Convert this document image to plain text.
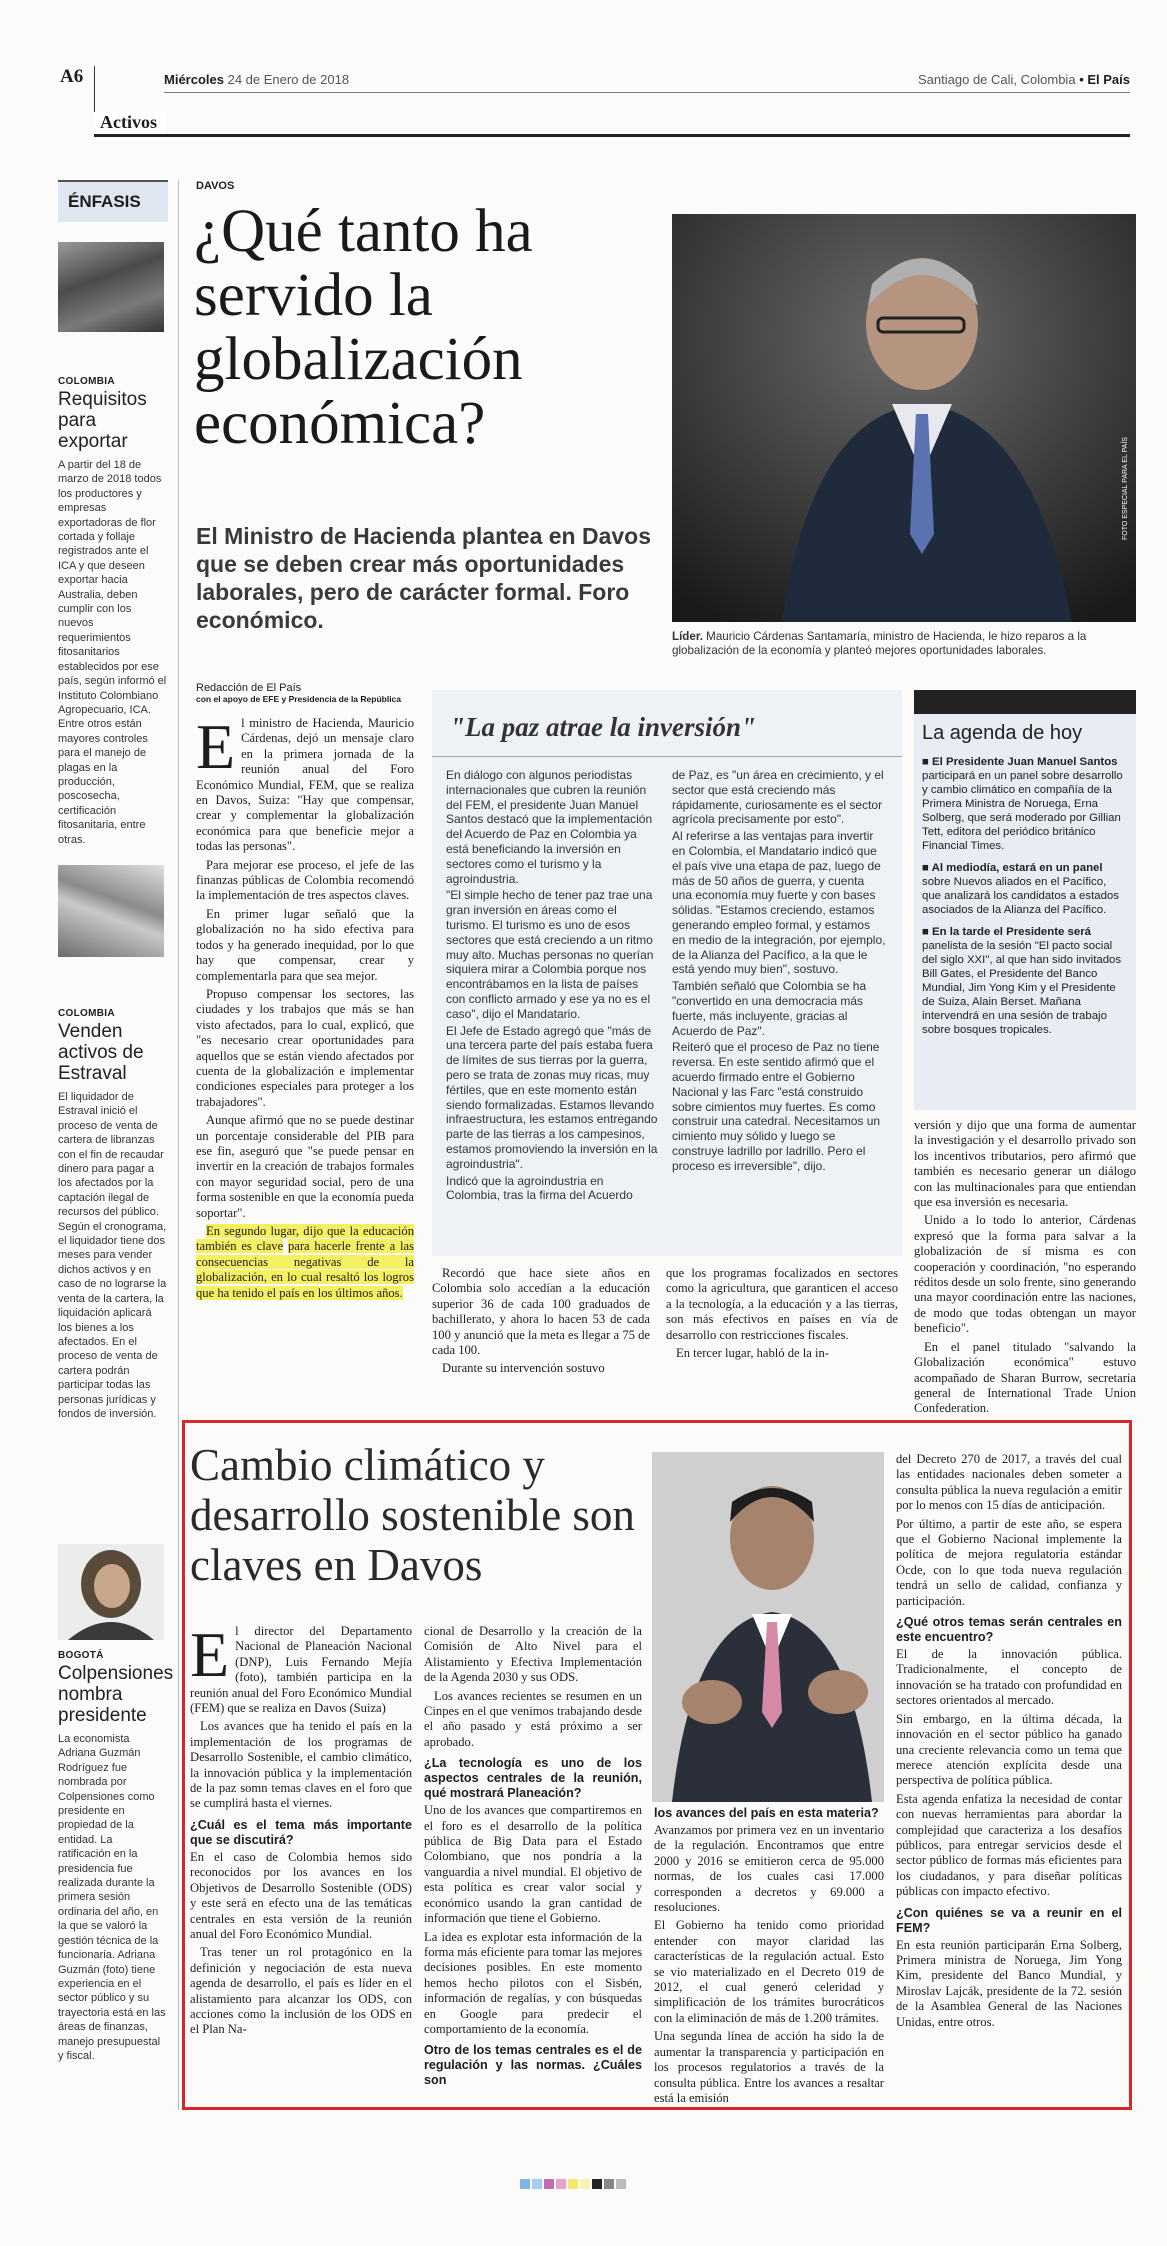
A6
Activos
Miércoles 24 de Enero de 2018	Santiago de Cali, Colombia • El País
ÉNFASIS
COLOMBIA
Requisitos para exportar

A partir del 18 de marzo de 2018 todos los productores y empresas exportadoras de flor cortada y follaje registrados ante el ICA y que deseen exportar hacia Australia, deben cumplir con los nuevos requerimientos fitosanitarios establecidos por ese país, según informó el Instituto Colombiano Agropecuario, ICA. Entre otros están mayores controles para el manejo de plagas en la producción, poscosecha, certificación fitosanitaria, entre otras.

COLOMBIA
Venden activos de Estraval

El liquidador de Estraval inició el proceso de venta de cartera de libranzas con el fin de recaudar dinero para pagar a los afectados por la captación ilegal de recursos del público. Según el cronograma, el liquidador tiene dos meses para vender dichos activos y en caso de no lograrse la venta de la cartera, la liquidación aplicará los bienes a los afectados. En el proceso de venta de cartera podrán participar todas las personas jurídicas y fondos de inversión.

BOGOTÁ
Colpensiones nombra presidente

La economista Adriana Guzmán Rodríguez fue nombrada por Colpensiones como presidente en propiedad de la entidad. La ratificación en la presidencia fue realizada durante la primera sesión ordinaria del año, en la que se valoró la gestión técnica de la funcionaria. Adriana Guzmán (foto) tiene experiencia en el sector público y su trayectoria está en las áreas de finanzas, manejo presupuestal y fiscal.

DAVOS
¿Qué tanto ha servido la globalización económica?
El Ministro de Hacienda plantea en Davos que se deben crear más oportunidades laborales, pero de carácter formal. Foro económico.
FOTO ESPECIAL PARA EL PAÍS
Líder. Mauricio Cárdenas Santamaría, ministro de Hacienda, le hizo reparos a la globalización de la economía y planteó mejores oportunidades laborales.
Redacción de El País
con el apoyo de EFE y Presidencia de la República

El ministro de Hacienda, Mauricio Cárdenas, dejó un mensaje claro en la primera jornada de la reunión anual del Foro Económico Mundial, FEM, que se realiza en Davos, Suiza: "Hay que compensar, crear y complementar la globalización económica para que beneficie mejor a todas las personas".

Para mejorar ese proceso, el jefe de las finanzas públicas de Colombia recomendó la implementación de tres aspectos claves.

En primer lugar señaló que la globalización no ha sido efectiva para todos y ha generado inequidad, por lo que hay que compensar, crear y complementarla para que sea mejor.

Propuso compensar los sectores, las ciudades y los trabajos que más se han visto afectados, para lo cual, explicó, que "es necesario crear oportunidades para aquellos que se están viendo afectados por cuenta de la globalización e implementar condiciones especiales para proteger a los trabajadores".

Aunque afirmó que no se puede destinar un porcentaje considerable del PIB para ese fin, aseguró que "se puede pensar en invertir en la creación de trabajos formales con mayor seguridad social, pero de una forma sostenible en que la economía pueda soportar".

En segundo lugar, dijo que la educación también es clave para hacerle frente a las consecuencias negativas de la globalización, en lo cual resaltó los logros que ha tenido el país en los últimos años.

"La paz atrae la inversión"

En diálogo con algunos periodistas internacionales que cubren la reunión del FEM, el presidente Juan Manuel Santos destacó que la implementación del Acuerdo de Paz en Colombia ya está beneficiando la inversión en sectores como el turismo y la agroindustria.

"El simple hecho de tener paz trae una gran inversión en áreas como el turismo. El turismo es uno de esos sectores que está creciendo a un ritmo muy alto. Muchas personas no querían siquiera mirar a Colombia porque nos encontrábamos en la lista de países con conflicto armado y ese ya no es el caso", dijo el Mandatario.

El Jefe de Estado agregó que "más de una tercera parte del país estaba fuera de límites de sus tierras por la guerra, pero se trata de zonas muy ricas, muy fértiles, que en este momento están siendo formalizadas. Estamos llevando infraestructura, les estamos entregando parte de las tierras a los campesinos, estamos promoviendo la inversión en la agroindustria".

Indicó que la agroindustria en Colombia, tras la firma del Acuerdo

de Paz, es "un área en crecimiento, y el sector que está creciendo más rápidamente, curiosamente es el sector agrícola precisamente por esto".

Al referirse a las ventajas para invertir en Colombia, el Mandatario indicó que el país vive una etapa de paz, luego de más de 50 años de guerra, y cuenta una economía muy fuerte y con bases sólidas. "Estamos creciendo, estamos generando empleo formal, y estamos en medio de la integración, por ejemplo, de la Alianza del Pacífico, a la que le está yendo muy bien", sostuvo.

También señaló que Colombia se ha "convertido en una democracia más fuerte, más incluyente, gracias al Acuerdo de Paz".

Reiteró que el proceso de Paz no tiene reversa. En este sentido afirmó que el acuerdo firmado entre el Gobierno Nacional y las Farc "está construido sobre cimientos muy fuertes. Es como construir una catedral. Necesitamos un cimiento muy sólido y luego se construye ladrillo por ladrillo. Pero el proceso es irreversible", dijo.

La agenda de hoy
■ El Presidente Juan Manuel Santos
participará en un panel sobre desarrollo y cambio climático en compañía de la Primera Ministra de Noruega, Erna Solberg, que será moderado por Gillian Tett, editora del periódico británico Financial Times.
■ Al mediodía, estará en un panel
sobre Nuevos aliados en el Pacífico, que analizará los candidatos a estados asociados de la Alianza del Pacífico.
■ En la tarde el Presidente será
panelista de la sesión "El pacto social del siglo XXI", al que han sido invitados Bill Gates, el Presidente del Banco Mundial, Jim Yong Kim y el Presidente de Suiza, Alain Berset. Mañana intervendrá en una sesión de trabajo sobre bosques tropicales.

Recordó que hace siete años en Colombia solo accedían a la educación superior 36 de cada 100 graduados de bachillerato, y ahora lo hacen 53 de cada 100 y anunció que la meta es llegar a 75 de cada 100.

Durante su intervención sostuvo

que los programas focalizados en sectores como la agricultura, que garanticen el acceso a la tecnología, a la educación y a las tierras, son más efectivos en países en vía de desarrollo con restricciones fiscales.

En tercer lugar, habló de la in-

versión y dijo que una forma de aumentar la investigación y el desarrollo privado son los incentivos tributarios, pero afirmó que también es necesario generar un diálogo con las multinacionales para que entiendan que esa inversión es necesaria.

Unido a lo todo lo anterior, Cárdenas expresó que la forma para salvar a la globalización de sí misma es con cooperación y coordinación, "no esperando réditos desde un solo frente, sino generando una mayor coordinación entre las naciones, de modo que todas obtengan un mayor beneficio".

En el panel titulado "salvando la Globalización económica" estuvo acompañado de Sharan Burrow, secretaria general de International Trade Union Confederation.

Cambio climático y desarrollo sostenible son claves en Davos

El director del Departamento Nacional de Planeación Nacional (DNP), Luis Fernando Mejía (foto), también participa en la reunión anual del Foro Económico Mundial (FEM) que se realiza en Davos (Suiza)

Los avances que ha tenido el país en la implementación de los programas de Desarrollo Sostenible, el cambio climático, la innovación pública y la implementación de la paz somn temas claves en el foro que se cumplirá hasta el viernes.

¿Cuál es el tema más importante que se discutirá?

En el caso de Colombia hemos sido reconocidos por los avances en los Objetivos de Desarrollo Sostenible (ODS) y este será en efecto una de las temáticas centrales en esta versión de la reunión anual del Foro Económico Mundial.

Tras tener un rol protagónico en la definición y negociación de esta nueva agenda de desarrollo, el país es líder en el alistamiento para alcanzar los ODS, con acciones como la inclusión de los ODS en el Plan Na-

cional de Desarrollo y la creación de la Comisión de Alto Nivel para el Alistamiento y Efectiva Implementación de la Agenda 2030 y sus ODS.

Los avances recientes se resumen en un Cinpes en el que venimos trabajando desde el año pasado y está próximo a ser aprobado.

¿La tecnología es uno de los aspectos centrales de la reunión, qué mostrará Planeación?

Uno de los avances que compartiremos en el foro es el desarrollo de la política pública de Big Data para el Estado Colombiano, que nos pondría a la vanguardia a nivel mundial. El objetivo de esta política es crear valor social y económico usando la gran cantidad de información que tiene el Gobierno.

La idea es explotar esta información de la forma más eficiente para tomar las mejores decisiones posibles. En este momento hemos hecho pilotos con el Sisbén, información de regalías, y con búsquedas en Google para predecir el comportamiento de la economía.

Otro de los temas centrales es el de regulación y las normas. ¿Cuáles son
los avances del país en esta materia?

Avanzamos por primera vez en un inventario de la regulación. Encontramos que entre 2000 y 2016 se emitieron cerca de 95.000 normas, de los cuales casi 17.000 corresponden a decretos y 69.000 a resoluciones.

El Gobierno ha tenido como prioridad entender con mayor claridad las características de la regulación actual. Esto se vio materializado en el Decreto 019 de 2012, el cual generó celeridad y simplificación de los trámites burocráticos con la eliminación de más de 1.200 trámites.

Una segunda línea de acción ha sido la de aumentar la transparencia y participación en los procesos regulatorios a través de la consulta pública. Entre los avances a resaltar está la emisión

del Decreto 270 de 2017, a través del cual las entidades nacionales deben someter a consulta pública la nueva regulación a emitir por lo menos con 15 días de anticipación.

Por último, a partir de este año, se espera que el Gobierno Nacional implemente la política de mejora regulatoria estándar Ocde, con lo que toda nueva regulación tendrá un sello de calidad, confianza y participación.

¿Qué otros temas serán centrales en este encuentro?

El de la innovación pública. Tradicionalmente, el concepto de innovación se ha tratado con profundidad en sectores orientados al mercado.

Sin embargo, en la última década, la innovación en el sector público ha ganado una creciente relevancia como un tema que merece atención explícita desde una perspectiva de política pública.

Esta agenda enfatiza la necesidad de contar con nuevas herramientas para abordar la complejidad que caracteriza a los desafíos públicos, para entregar servicios desde el sector público de formas más eficientes para los ciudadanos, y para diseñar políticas públicas con impacto efectivo.

¿Con quiénes se va a reunir en el FEM?

En esta reunión participarán Erna Solberg, Primera ministra de Noruega, Jim Yong Kim, presidente del Banco Mundial, y Miroslav Lajcák, presidente de la 72. sesión de la Asamblea General de las Naciones Unidas, entre otros.
